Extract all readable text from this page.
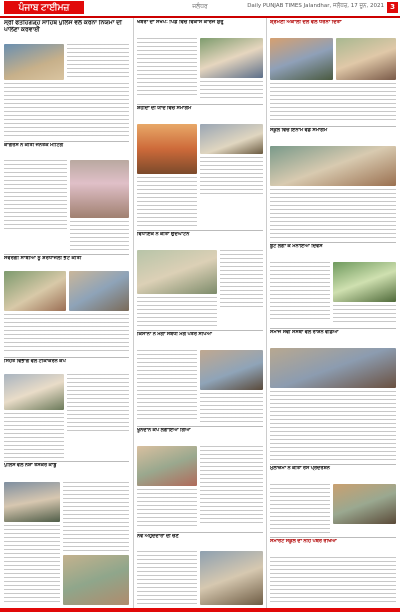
ਪੰਜਾਬ ਟਾਈਮਜ਼	ਜਲੰਧਰ	Daily PUNJAB TIMES Jalandhar, ਜਲੰਧਰ, 17 ਜੂਨ, 2021 3
ਸ੍ਰੀ ਫਤਹਿਗੜ੍ਹ ਸਾਹਿਬ ਪੁਲਿਸ ਵੱਲੋਂ ਕੋਰੋਨਾ ਨਿਯਮਾਂ ਦੀ ਪਾਲਣਾ ਕਰਵਾਈ
ਕਾਂਗਰਸ ਨੇ ਕੀਤੀ ਜਨਤਕ ਮੀਟਿੰਗ
ਸਵਰਗੀ ਸਾਥੀਆਂ ਨੂੰ ਸ਼ਰਧਾਂਜਲੀ ਭੇਟ ਕੀਤੀ
ਸਿਹਤ ਵਿਭਾਗ ਵੱਲੋਂ ਟੀਕਾਕਰਨ ਕੈਂਪ
ਪੁਲਿਸ ਵੱਲੋਂ ਨਸ਼ਾ ਤਸਕਰ ਕਾਬੂ
ਖਬਰਾਂ ਦਾ ਸੰਖੇਪ: ਪਿੰਡ ਵਿੱਚ ਵਿਕਾਸ ਕਾਰਜ ਸ਼ੁਰੂ
ਸ਼ਹੀਦਾਂ ਦੀ ਯਾਦ ਵਿੱਚ ਸਮਾਗਮ
ਵਿਧਾਇਕ ਨੇ ਕੀਤਾ ਉਦਘਾਟਨ
ਕਿਸਾਨਾਂ ਨੇ ਮੰਗਾਂ ਸਬੰਧੀ ਮੰਗ ਪੱਤਰ ਸੌਂਪਿਆ
ਖੂਨਦਾਨ ਕੈਂਪ ਲਗਾਇਆ ਗਿਆ
ਨਵੇਂ ਅਹੁਦੇਦਾਰਾਂ ਦੀ ਚੋਣ
ਸ਼੍ਰੋਮਣੀ ਅਕਾਲੀ ਦਲ ਵੱਲੋਂ ਧਰਨਾ ਦਿੱਤਾ
ਸਕੂਲ ਵਿੱਚ ਇਨਾਮ ਵੰਡ ਸਮਾਗਮ
ਬੂਟੇ ਲਗਾ ਕੇ ਮਨਾਇਆ ਦਿਵਸ
ਸਮਾਜ ਸੇਵੀ ਸੰਸਥਾ ਵੱਲੋਂ ਰਾਸ਼ਨ ਵੰਡਿਆ
ਮੁਲਾਜ਼ਮਾਂ ਨੇ ਕੀਤਾ ਰੋਸ ਪ੍ਰਦਰਸ਼ਨ
ਸਮਾਰਟ ਸਕੂਲ ਦਾ ਨੀਂਹ ਪੱਥਰ ਰੱਖਿਆ
